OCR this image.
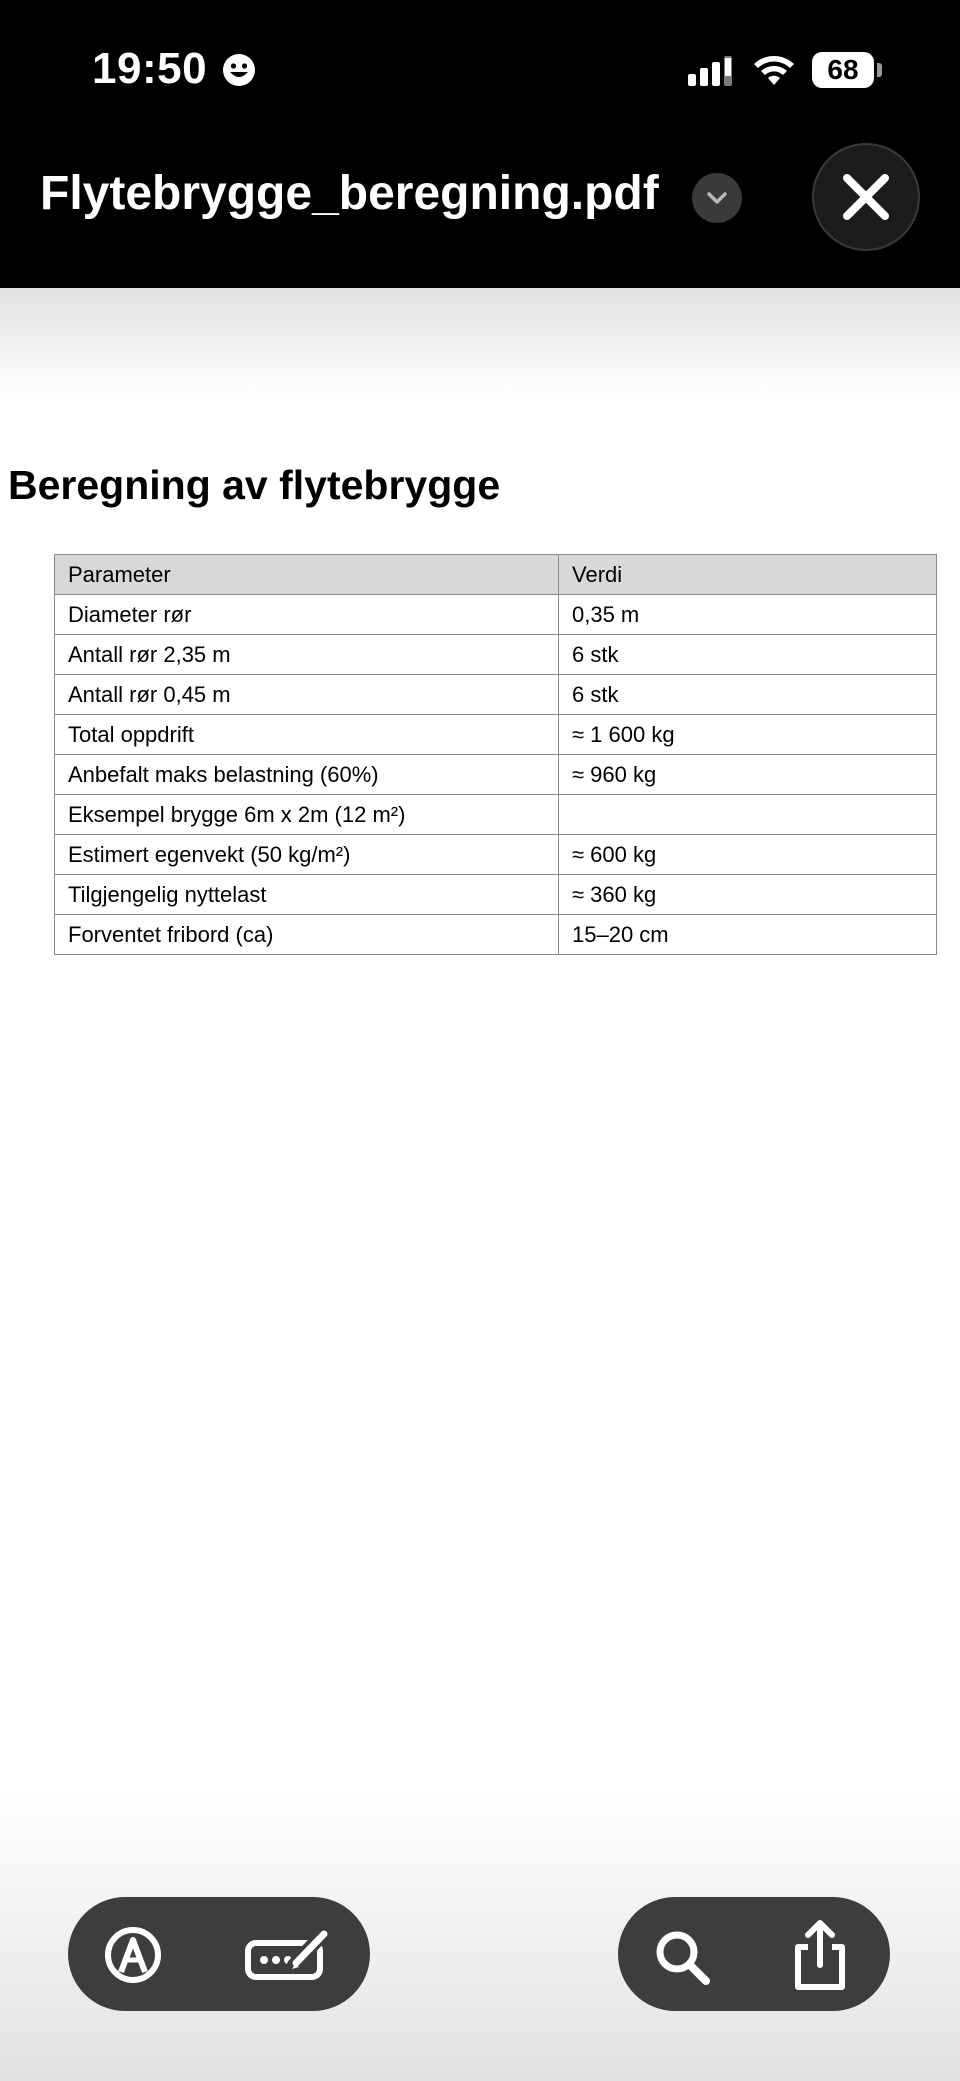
19:50	68
Flytebrygge_beregning.pdf
Beregning av flytebrygge
Parameter	Verdi
Diameter rør	0,35 m
Antall rør 2,35 m	6 stk
Antall rør 0,45 m	6 stk
Total oppdrift	≈ 1 600 kg
Anbefalt maks belastning (60%)	≈ 960 kg
Eksempel brygge 6m x 2m (12 m²)	
Estimert egenvekt (50 kg/m²)	≈ 600 kg
Tilgjengelig nyttelast	≈ 360 kg
Forventet fribord (ca)	15–20 cm
